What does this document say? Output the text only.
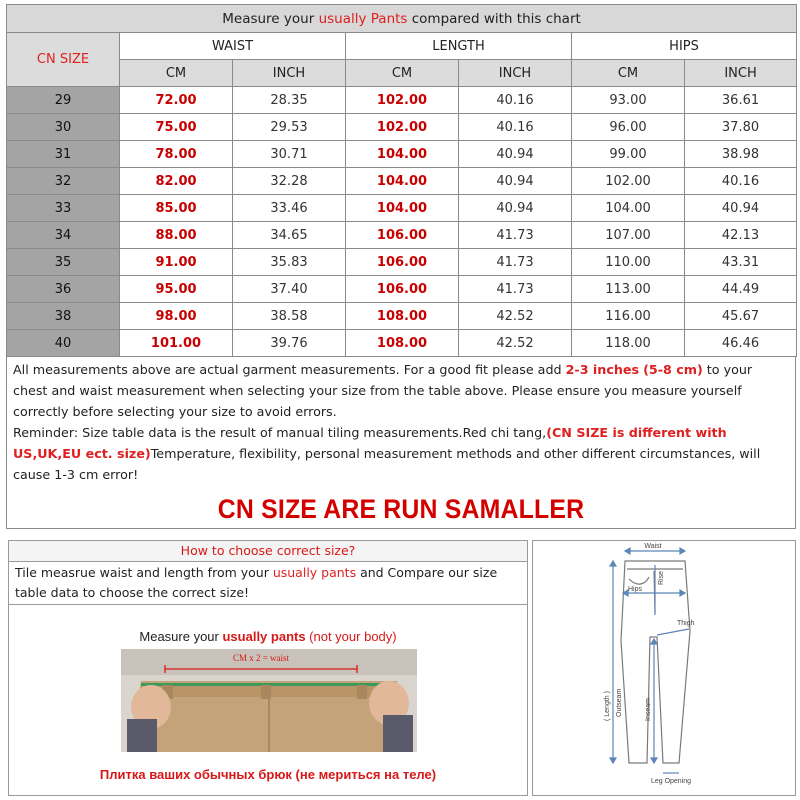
Measure your usually Pants compared with this chart						
CN SIZE	WAIST		LENGTH		HIPS	
	CM	INCH	CM	INCH	CM	INCH
29	72.00	28.35	102.00	40.16	93.00	36.61
30	75.00	29.53	102.00	40.16	96.00	37.80
31	78.00	30.71	104.00	40.94	99.00	38.98
32	82.00	32.28	104.00	40.94	102.00	40.16
33	85.00	33.46	104.00	40.94	104.00	40.94
34	88.00	34.65	106.00	41.73	107.00	42.13
35	91.00	35.83	106.00	41.73	110.00	43.31
36	95.00	37.40	106.00	41.73	113.00	44.49
38	98.00	38.58	108.00	42.52	116.00	45.67
40	101.00	39.76	108.00	42.52	118.00	46.46

All measurements above are actual garment measurements. For a good fit please add 2-3 inches (5-8 cm) to your chest and waist measurement when selecting your size from the table above. Please ensure you measure yourself correctly before selecting your size to avoid errors.

Reminder: Size table data is the result of manual tiling measurements.Red chi tang,(CN SIZE is different with US,UK,EU ect. size)Temperature, flexibility, personal measurement methods and other different circumstances, will cause 1-3 cm error!

CN SIZE ARE RUN SAMALLER
How to choose correct size?
Tile measrue waist and length from your usually pants and Compare our size table data to choose the correct size!
Measure your usually pants (not your body)
CM x 2 = waist
Плитка ваших обычных брюк (не мериться на теле)
Waist
Hips
Rise
Thigh
( Length ) Outseam	Inseam
Leg Opening
